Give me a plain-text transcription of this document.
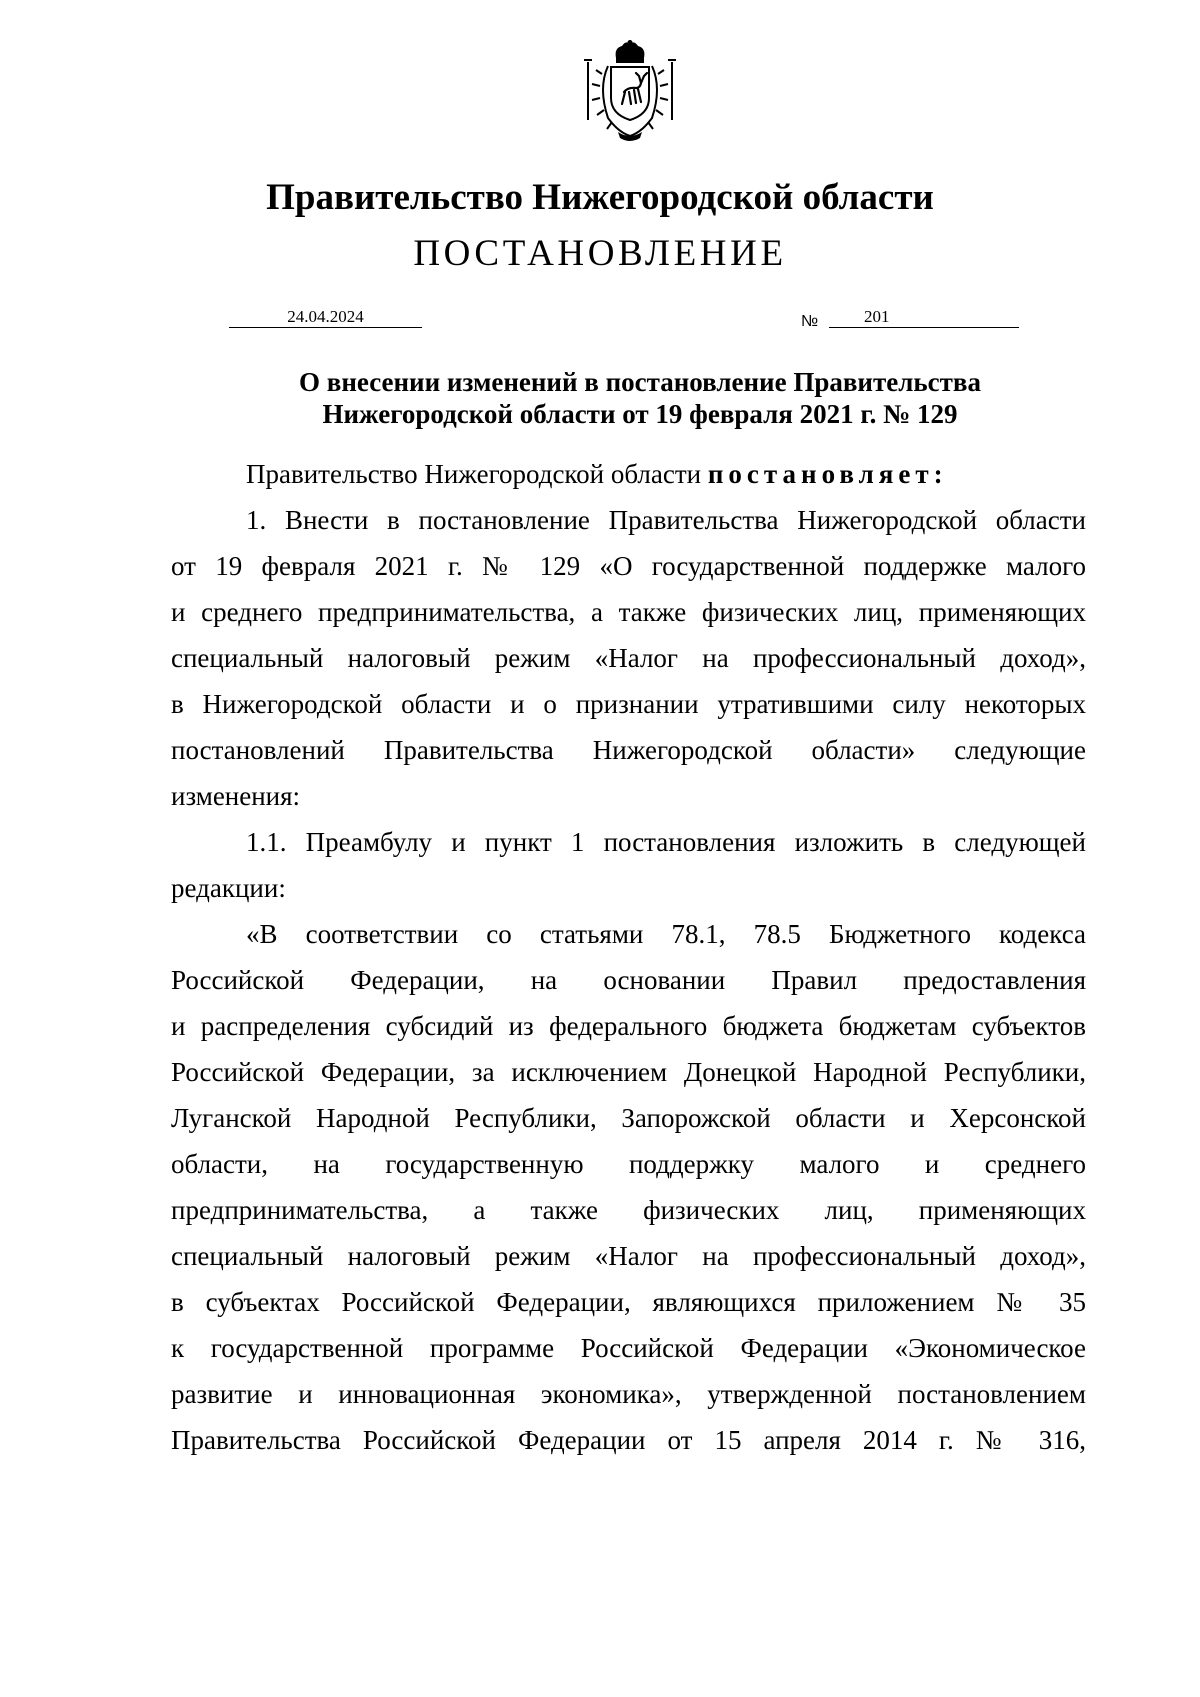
Правительство Нижегородской области
ПОСТАНОВЛЕНИЕ
24.04.2024	№	201
О внесении изменений в постановление Правительства
Нижегородской области от 19 февраля 2021 г. № 129
Правительство Нижегородской области постановляет:
1. Внести в постановление Правительства Нижегородской области
от 19 февраля 2021 г. № 129 «О государственной поддержке малого
и среднего предпринимательства, а также физических лиц, применяющих
специальный налоговый режим «Налог на профессиональный доход»,
в Нижегородской области и о признании утратившими силу некоторых
постановлений Правительства Нижегородской области» следующие
изменения:
1.1. Преамбулу и пункт 1 постановления изложить в следующей
редакции:
«В соответствии со статьями 78.1, 78.5 Бюджетного кодекса
Российской Федерации, на основании Правил предоставления
и распределения субсидий из федерального бюджета бюджетам субъектов
Российской Федерации, за исключением Донецкой Народной Республики,
Луганской Народной Республики, Запорожской области и Херсонской
области, на государственную поддержку малого и среднего
предпринимательства, а также физических лиц, применяющих
специальный налоговый режим «Налог на профессиональный доход»,
в субъектах Российской Федерации, являющихся приложением № 35
к государственной программе Российской Федерации «Экономическое
развитие и инновационная экономика», утвержденной постановлением
Правительства Российской Федерации от 15 апреля 2014 г. № 316,
